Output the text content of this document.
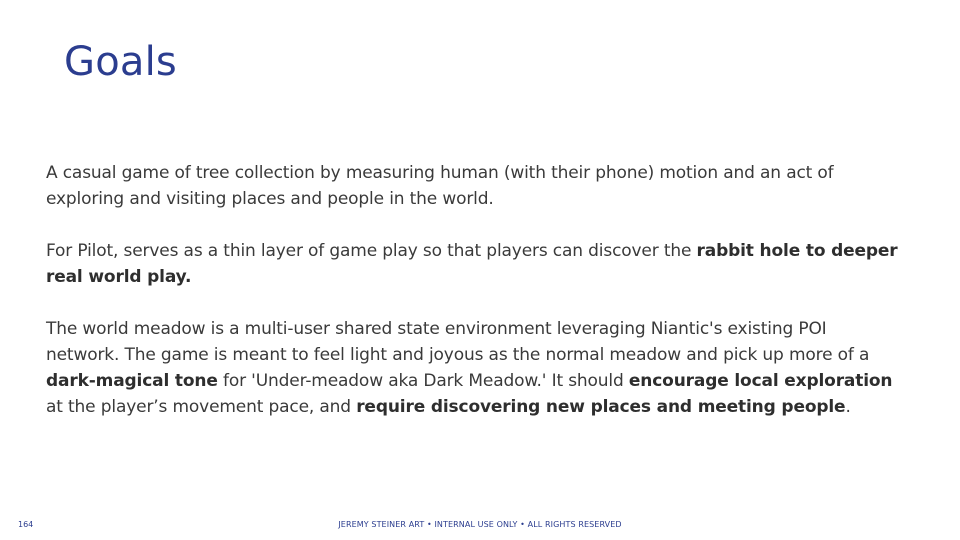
Goals

A casual game of tree collection by measuring human (with their phone) motion and an act of exploring and visiting places and people in the world.

For Pilot, serves as a thin layer of game play so that players can discover the rabbit hole to deeper real world play.

The world meadow is a multi-user shared state environment leveraging Niantic's existing POI network. The game is meant to feel light and joyous as the normal meadow and pick up more of a dark-magical tone for 'Under-meadow aka Dark Meadow.' It should encourage local exploration at the player’s movement pace, and require discovering new places and meeting people.

164	JEREMY STEINER ART • INTERNAL USE ONLY • ALL RIGHTS RESERVED
